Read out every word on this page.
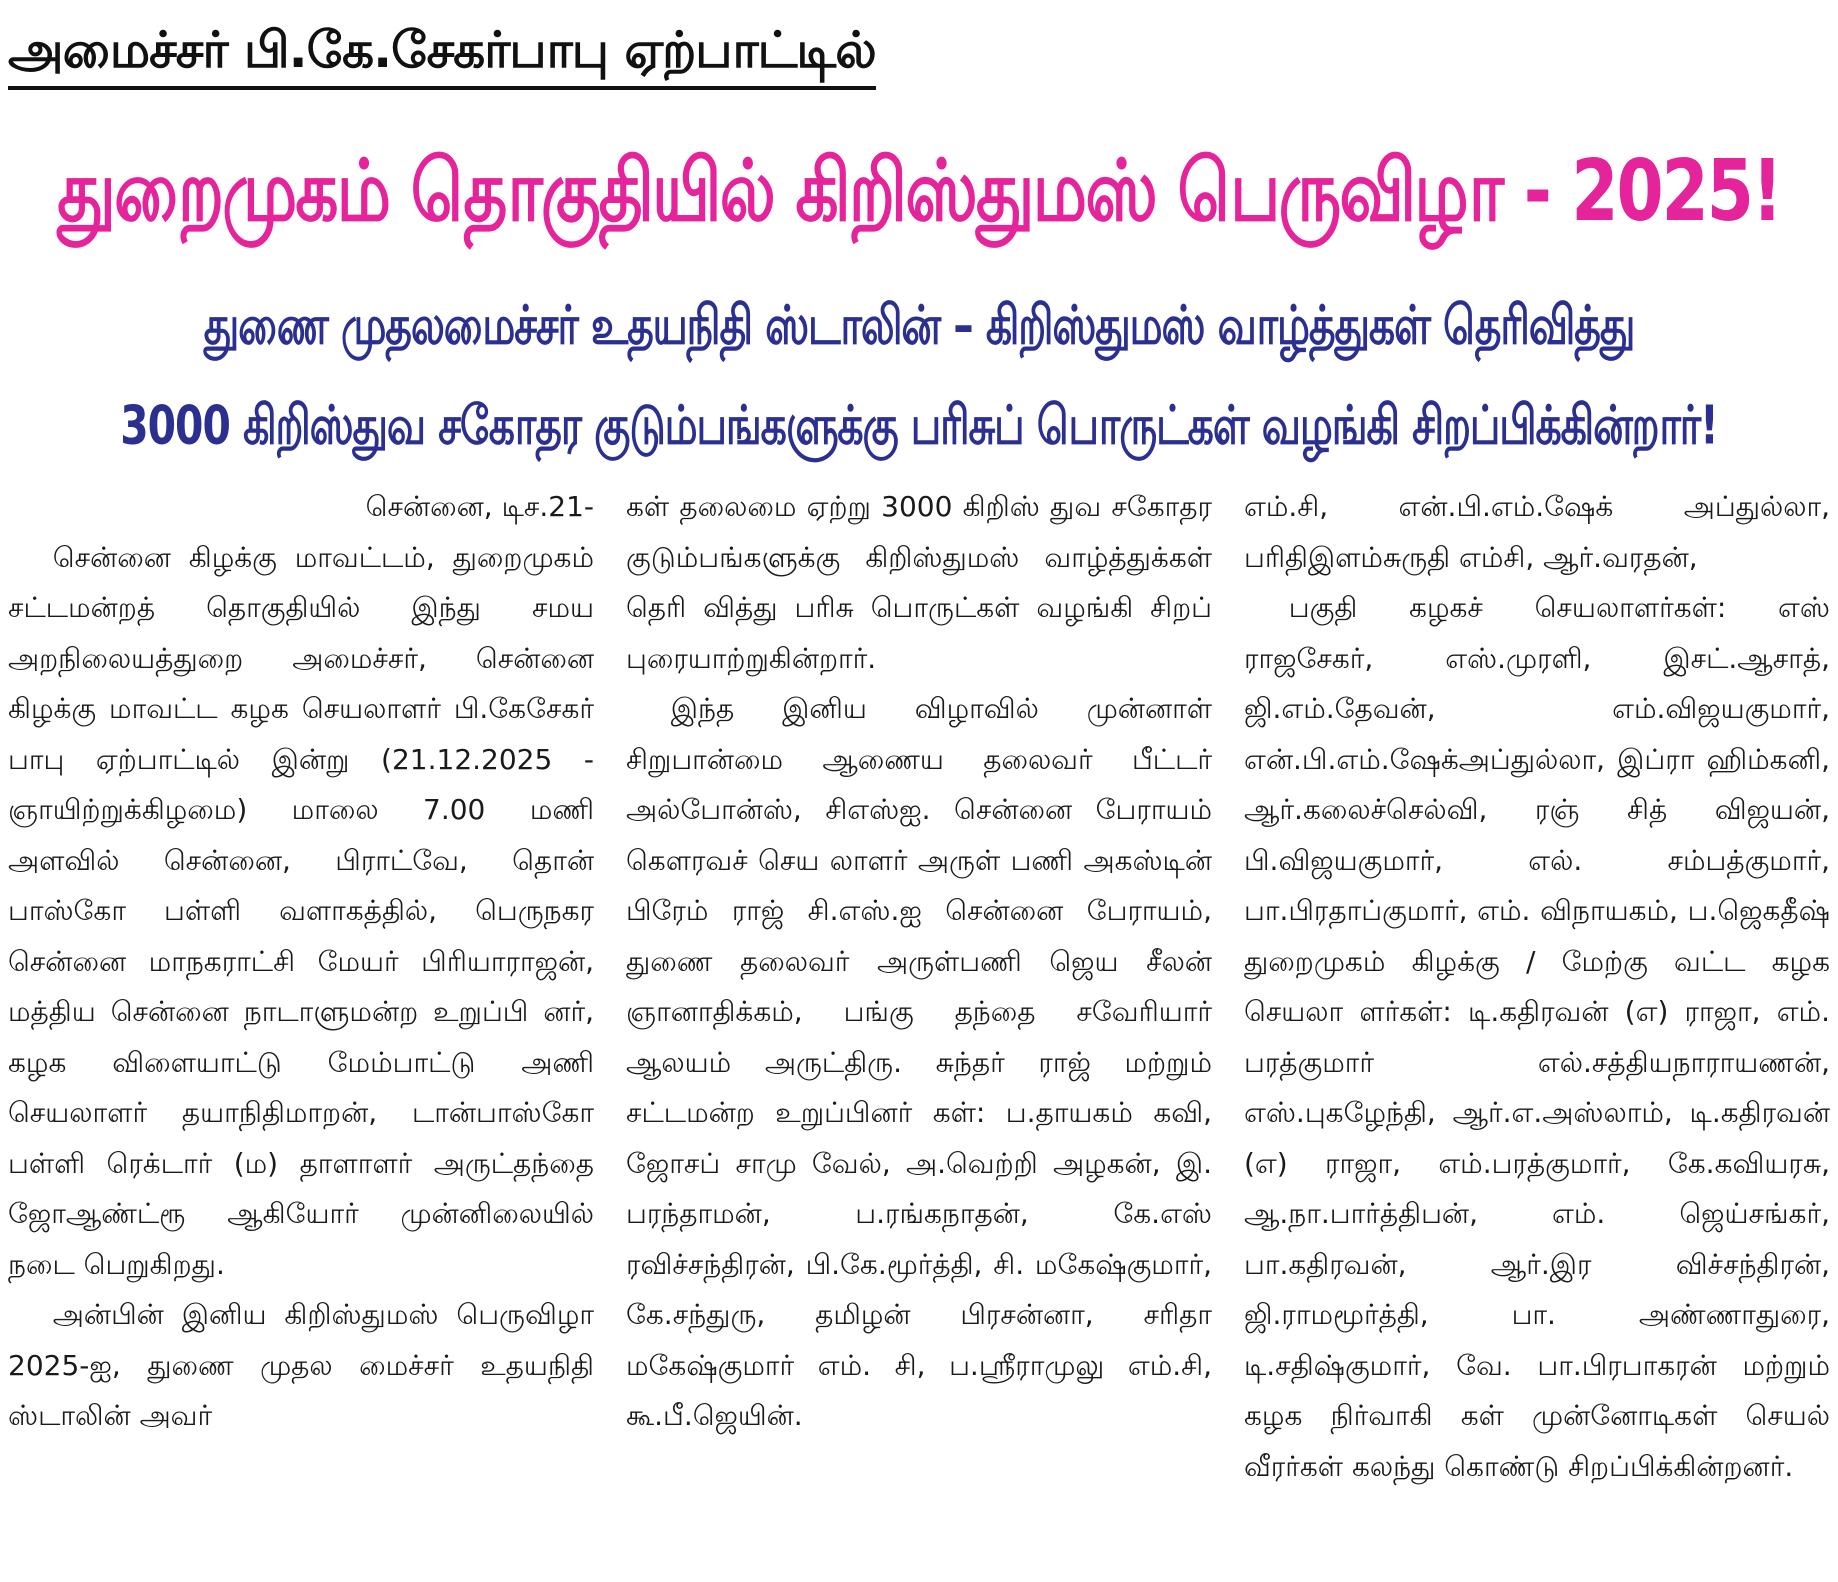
அமைச்சர் பி.கே.சேகர்பாபு ஏற்பாட்டில்
துறைமுகம் தொகுதியில் கிறிஸ்துமஸ் பெருவிழா - 2025!
துணை முதலமைச்சர் உதயநிதி ஸ்டாலின் – கிறிஸ்துமஸ் வாழ்த்துகள் தெரிவித்து
3000 கிறிஸ்துவ சகோதர குடும்பங்களுக்கு பரிசுப் பொருட்கள் வழங்கி சிறப்பிக்கின்றார்!

சென்னை, டிச.21-

சென்னை கிழக்கு மாவட்டம், துறைமுகம் சட்டமன்றத் தொகுதியில் இந்து சமய அறநிலையத்துறை அமைச்சர், சென்னை கிழக்கு மாவட்ட கழக செயலாளர் பி.கேசேகர் பாபு ஏற்பாட்டில் இன்று (21.12.2025 - ஞாயிற்றுக்கிழமை) மாலை 7.00 மணி அளவில் சென்னை, பிராட்வே, தொன் பாஸ்கோ பள்ளி வளாகத்தில், பெருநகர சென்னை மாநகராட்சி மேயர் பிரியாராஜன், மத்திய சென்னை நாடாளுமன்ற உறுப்பி னர், கழக விளையாட்டு மேம்பாட்டு அணி செயலாளர் தயாநிதிமாறன், டான்பாஸ்கோ பள்ளி ரெக்டார் (ம) தாளாளர் அருட்தந்தை ஜோஆண்ட்ரூ ஆகியோர் முன்னிலையில் நடை பெறுகிறது.

அன்பின் இனிய கிறிஸ்துமஸ் பெருவிழா 2025-ஐ, துணை முதல மைச்சர் உதயநிதி ஸ்டாலின் அவர்

கள் தலைமை ஏற்று 3000 கிறிஸ் துவ சகோதர குடும்பங்களுக்கு கிறிஸ்துமஸ் வாழ்த்துக்கள் தெரி வித்து பரிசு பொருட்கள் வழங்கி சிறப் புரையாற்றுகின்றார்.

இந்த இனிய விழாவில் முன்னாள் சிறுபான்மை ஆணைய தலைவர் பீட்டர் அல்போன்ஸ், சிஎஸ்ஐ. சென்னை பேராயம் கௌரவச் செய லாளர் அருள் பணி அகஸ்டின் பிரேம் ராஜ் சி.எஸ்.ஐ சென்னை பேராயம், துணை தலைவர் அருள்பணி ஜெய சீலன் ஞானாதிக்கம், பங்கு தந்தை சவேரியார் ஆலயம் அருட்திரு. சுந்தர் ராஜ் மற்றும் சட்டமன்ற உறுப்பினர் கள்: ப.தாயகம் கவி, ஜோசப் சாமு வேல், அ.வெற்றி அழகன், இ. பரந்தாமன், ப.ரங்கநாதன், கே.எஸ் ரவிச்சந்திரன், பி.கே.மூர்த்தி, சி. மகேஷ்குமார், கே.சந்துரு, தமிழன் பிரசன்னா, சரிதா மகேஷ்குமார் எம். சி, ப.ஸ்ரீராமுலு எம்.சி, கூ.பீ.ஜெயின்.

எம்.சி, என்.பி.எம்.ஷேக் அப்துல்லா, பரிதிஇளம்சுருதி எம்சி, ஆர்.வரதன்,

பகுதி கழகச் செயலாளர்கள்: எஸ் ராஜசேகர், எஸ்.முரளி, இசட்.ஆசாத், ஜி.எம்.தேவன், எம்.விஜயகுமார், என்.பி.எம்.ஷேக்அப்துல்லா, இப்ரா ஹிம்கனி, ஆர்.கலைச்செல்வி, ரஞ் சித் விஜயன், பி.விஜயகுமார், எல். சம்பத்குமார், பா.பிரதாப்குமார், எம். விநாயகம், ப.ஜெகதீஷ் துறைமுகம் கிழக்கு / மேற்கு வட்ட கழக செயலா ளர்கள்: டி.கதிரவன் (எ) ராஜா, எம். பரத்குமார் எல்.சத்தியநாராயணன், எஸ்.புகழேந்தி, ஆர்.எ.அஸ்லாம், டி.கதிரவன் (எ) ராஜா, எம்.பரத்குமார், கே.கவியரசு, ஆ.நா.பார்த்திபன், எம். ஜெய்சங்கர், பா.கதிரவன், ஆர்.இர விச்சந்திரன், ஜி.ராமமூர்த்தி, பா. அண்ணாதுரை, டி.சதிஷ்குமார், வே. பா.பிரபாகரன் மற்றும் கழக நிர்வாகி கள் முன்னோடிகள் செயல் வீரர்கள் கலந்து கொண்டு சிறப்பிக்கின்றனர்.
